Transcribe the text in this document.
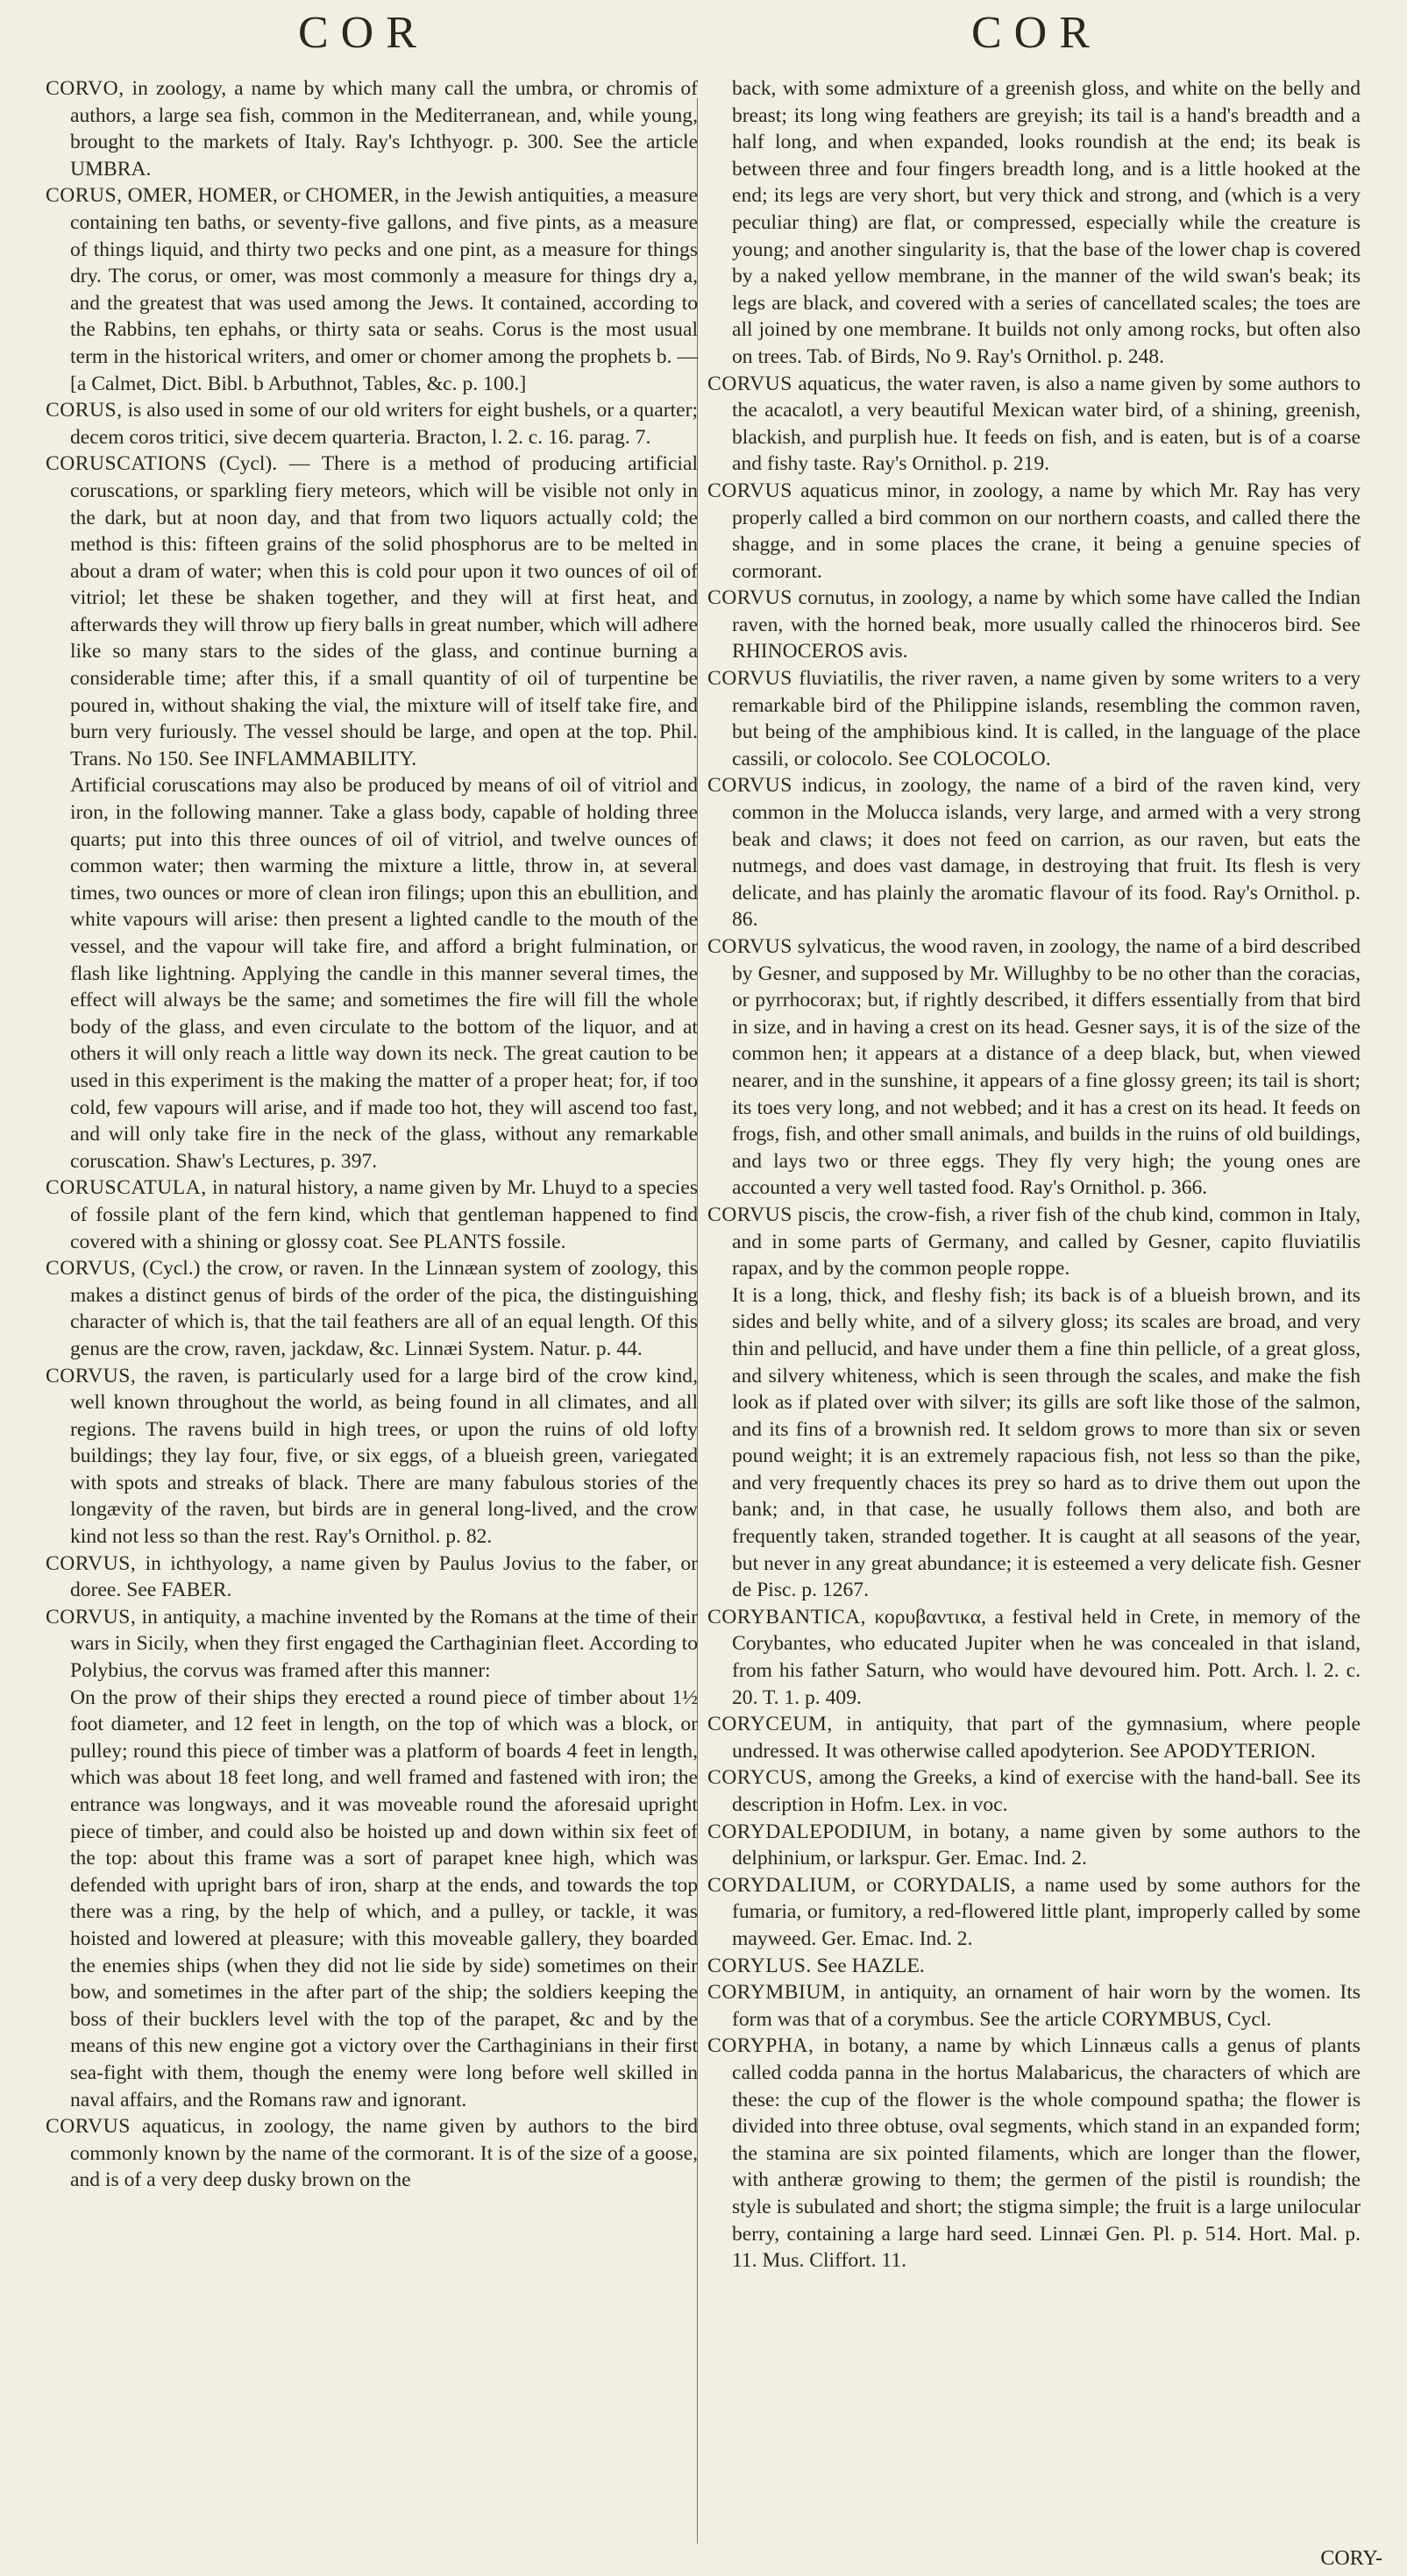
COR	COR

CORVO, in zoology, a name by which many call the umbra, or chromis of authors, a large sea fish, common in the Mediterranean, and, while young, brought to the markets of Italy. Ray's Ichthyogr. p. 300. See the article UMBRA.

CORUS, OMER, HOMER, or CHOMER, in the Jewish antiquities, a measure containing ten baths, or seventy-five gallons, and five pints, as a measure of things liquid, and thirty two pecks and one pint, as a measure for things dry. The corus, or omer, was most commonly a measure for things dry a, and the greatest that was used among the Jews. It contained, according to the Rabbins, ten ephahs, or thirty sata or seahs. Corus is the most usual term in the historical writers, and omer or chomer among the prophets b. — [a Calmet, Dict. Bibl. b Arbuthnot, Tables, &c. p. 100.]

CORUS, is also used in some of our old writers for eight bushels, or a quarter; decem coros tritici, sive decem quarteria. Bracton, l. 2. c. 16. parag. 7.

CORUSCATIONS (Cycl). — There is a method of producing artificial coruscations, or sparkling fiery meteors, which will be visible not only in the dark, but at noon day, and that from two liquors actually cold; the method is this: fifteen grains of the solid phosphorus are to be melted in about a dram of water; when this is cold pour upon it two ounces of oil of vitriol; let these be shaken together, and they will at first heat, and afterwards they will throw up fiery balls in great number, which will adhere like so many stars to the sides of the glass, and continue burning a considerable time; after this, if a small quantity of oil of turpentine be poured in, without shaking the vial, the mixture will of itself take fire, and burn very furiously. The vessel should be large, and open at the top. Phil. Trans. No 150. See INFLAMMABILITY.

Artificial coruscations may also be produced by means of oil of vitriol and iron, in the following manner. Take a glass body, capable of holding three quarts; put into this three ounces of oil of vitriol, and twelve ounces of common water; then warming the mixture a little, throw in, at several times, two ounces or more of clean iron filings; upon this an ebullition, and white vapours will arise: then present a lighted candle to the mouth of the vessel, and the vapour will take fire, and afford a bright fulmination, or flash like lightning. Applying the candle in this manner several times, the effect will always be the same; and sometimes the fire will fill the whole body of the glass, and even circulate to the bottom of the liquor, and at others it will only reach a little way down its neck. The great caution to be used in this experiment is the making the matter of a proper heat; for, if too cold, few vapours will arise, and if made too hot, they will ascend too fast, and will only take fire in the neck of the glass, without any remarkable coruscation. Shaw's Lectures, p. 397.

CORUSCATULA, in natural history, a name given by Mr. Lhuyd to a species of fossile plant of the fern kind, which that gentleman happened to find covered with a shining or glossy coat. See PLANTS fossile.

CORVUS, (Cycl.) the crow, or raven. In the Linnæan system of zoology, this makes a distinct genus of birds of the order of the pica, the distinguishing character of which is, that the tail feathers are all of an equal length. Of this genus are the crow, raven, jackdaw, &c. Linnæi System. Natur. p. 44.

CORVUS, the raven, is particularly used for a large bird of the crow kind, well known throughout the world, as being found in all climates, and all regions. The ravens build in high trees, or upon the ruins of old lofty buildings; they lay four, five, or six eggs, of a blueish green, variegated with spots and streaks of black. There are many fabulous stories of the longævity of the raven, but birds are in general long-lived, and the crow kind not less so than the rest. Ray's Ornithol. p. 82.

CORVUS, in ichthyology, a name given by Paulus Jovius to the faber, or doree. See FABER.

CORVUS, in antiquity, a machine invented by the Romans at the time of their wars in Sicily, when they first engaged the Carthaginian fleet. According to Polybius, the corvus was framed after this manner:

On the prow of their ships they erected a round piece of timber about 1½ foot diameter, and 12 feet in length, on the top of which was a block, or pulley; round this piece of timber was a platform of boards 4 feet in length, which was about 18 feet long, and well framed and fastened with iron; the entrance was longways, and it was moveable round the aforesaid upright piece of timber, and could also be hoisted up and down within six feet of the top: about this frame was a sort of parapet knee high, which was defended with upright bars of iron, sharp at the ends, and towards the top there was a ring, by the help of which, and a pulley, or tackle, it was hoisted and lowered at pleasure; with this moveable gallery, they boarded the enemies ships (when they did not lie side by side) sometimes on their bow, and sometimes in the after part of the ship; the soldiers keeping the boss of their bucklers level with the top of the parapet, &c and by the means of this new engine got a victory over the Carthaginians in their first sea-fight with them, though the enemy were long before well skilled in naval affairs, and the Romans raw and ignorant.

CORVUS aquaticus, in zoology, the name given by authors to the bird commonly known by the name of the cormorant. It is of the size of a goose, and is of a very deep dusky brown on the

back, with some admixture of a greenish gloss, and white on the belly and breast; its long wing feathers are greyish; its tail is a hand's breadth and a half long, and when expanded, looks roundish at the end; its beak is between three and four fingers breadth long, and is a little hooked at the end; its legs are very short, but very thick and strong, and (which is a very peculiar thing) are flat, or compressed, especially while the creature is young; and another singularity is, that the base of the lower chap is covered by a naked yellow membrane, in the manner of the wild swan's beak; its legs are black, and covered with a series of cancellated scales; the toes are all joined by one membrane. It builds not only among rocks, but often also on trees. Tab. of Birds, No 9. Ray's Ornithol. p. 248.

CORVUS aquaticus, the water raven, is also a name given by some authors to the acacalotl, a very beautiful Mexican water bird, of a shining, greenish, blackish, and purplish hue. It feeds on fish, and is eaten, but is of a coarse and fishy taste. Ray's Ornithol. p. 219.

CORVUS aquaticus minor, in zoology, a name by which Mr. Ray has very properly called a bird common on our northern coasts, and called there the shagge, and in some places the crane, it being a genuine species of cormorant.

CORVUS cornutus, in zoology, a name by which some have called the Indian raven, with the horned beak, more usually called the rhinoceros bird. See RHINOCEROS avis.

CORVUS fluviatilis, the river raven, a name given by some writers to a very remarkable bird of the Philippine islands, resembling the common raven, but being of the amphibious kind. It is called, in the language of the place cassili, or colocolo. See COLOCOLO.

CORVUS indicus, in zoology, the name of a bird of the raven kind, very common in the Molucca islands, very large, and armed with a very strong beak and claws; it does not feed on carrion, as our raven, but eats the nutmegs, and does vast damage, in destroying that fruit. Its flesh is very delicate, and has plainly the aromatic flavour of its food. Ray's Ornithol. p. 86.

CORVUS sylvaticus, the wood raven, in zoology, the name of a bird described by Gesner, and supposed by Mr. Willughby to be no other than the coracias, or pyrrhocorax; but, if rightly described, it differs essentially from that bird in size, and in having a crest on its head. Gesner says, it is of the size of the common hen; it appears at a distance of a deep black, but, when viewed nearer, and in the sunshine, it appears of a fine glossy green; its tail is short; its toes very long, and not webbed; and it has a crest on its head. It feeds on frogs, fish, and other small animals, and builds in the ruins of old buildings, and lays two or three eggs. They fly very high; the young ones are accounted a very well tasted food. Ray's Ornithol. p. 366.

CORVUS piscis, the crow-fish, a river fish of the chub kind, common in Italy, and in some parts of Germany, and called by Gesner, capito fluviatilis rapax, and by the common people roppe.

It is a long, thick, and fleshy fish; its back is of a blueish brown, and its sides and belly white, and of a silvery gloss; its scales are broad, and very thin and pellucid, and have under them a fine thin pellicle, of a great gloss, and silvery whiteness, which is seen through the scales, and make the fish look as if plated over with silver; its gills are soft like those of the salmon, and its fins of a brownish red. It seldom grows to more than six or seven pound weight; it is an extremely rapacious fish, not less so than the pike, and very frequently chaces its prey so hard as to drive them out upon the bank; and, in that case, he usually follows them also, and both are frequently taken, stranded together. It is caught at all seasons of the year, but never in any great abundance; it is esteemed a very delicate fish. Gesner de Pisc. p. 1267.

CORYBANTICA, κορυβαντικα, a festival held in Crete, in memory of the Corybantes, who educated Jupiter when he was concealed in that island, from his father Saturn, who would have devoured him. Pott. Arch. l. 2. c. 20. T. 1. p. 409.

CORYCEUM, in antiquity, that part of the gymnasium, where people undressed. It was otherwise called apodyterion. See APODYTERION.

CORYCUS, among the Greeks, a kind of exercise with the hand-ball. See its description in Hofm. Lex. in voc.

CORYDALEPODIUM, in botany, a name given by some authors to the delphinium, or larkspur. Ger. Emac. Ind. 2.

CORYDALIUM, or CORYDALIS, a name used by some authors for the fumaria, or fumitory, a red-flowered little plant, improperly called by some mayweed. Ger. Emac. Ind. 2.

CORYLUS. See HAZLE.

CORYMBIUM, in antiquity, an ornament of hair worn by the women. Its form was that of a corymbus. See the article CORYMBUS, Cycl.

CORYPHA, in botany, a name by which Linnæus calls a genus of plants called codda panna in the hortus Malabaricus, the characters of which are these: the cup of the flower is the whole compound spatha; the flower is divided into three obtuse, oval segments, which stand in an expanded form; the stamina are six pointed filaments, which are longer than the flower, with antheræ growing to them; the germen of the pistil is roundish; the style is subulated and short; the stigma simple; the fruit is a large unilocular berry, containing a large hard seed. Linnæi Gen. Pl. p. 514. Hort. Mal. p. 11. Mus. Cliffort. 11.

CORY-
